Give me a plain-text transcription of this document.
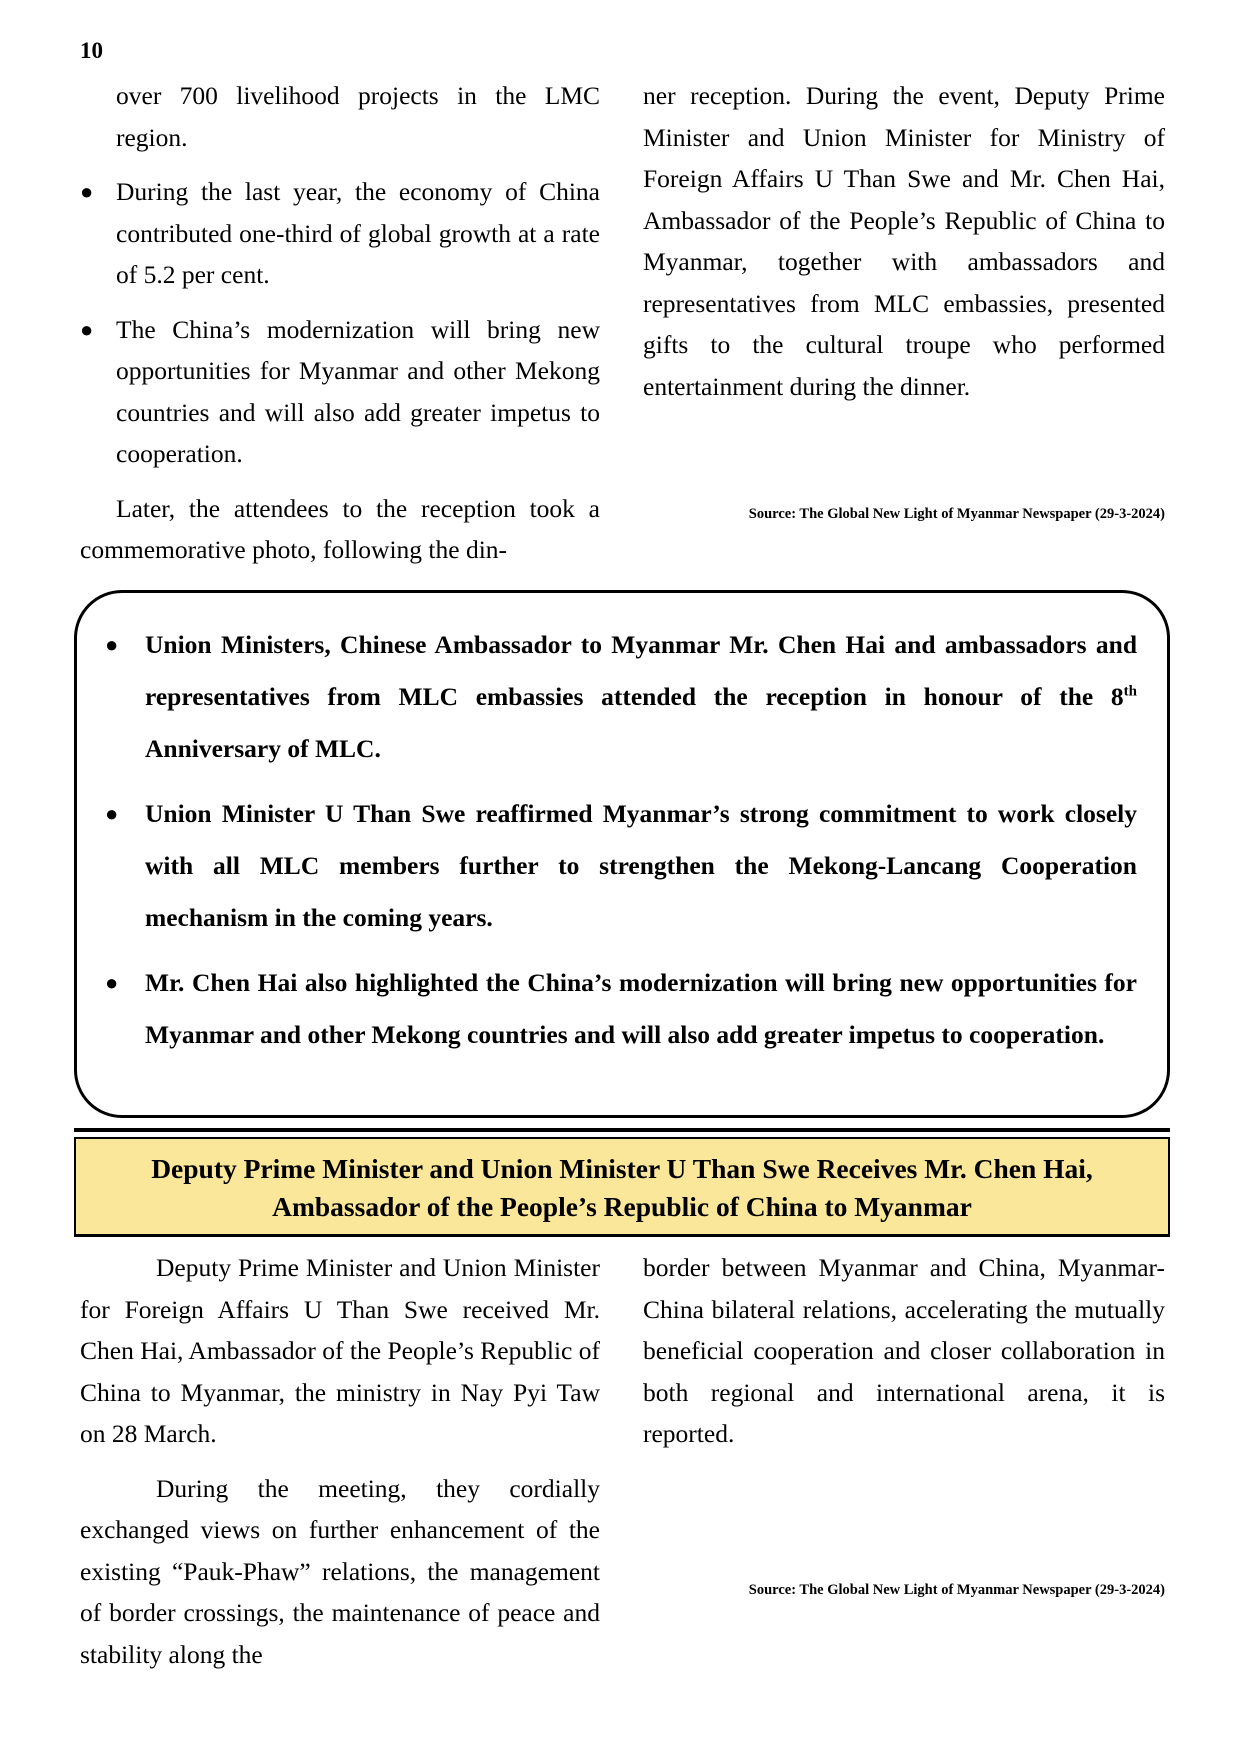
10

over 700 livelihood projects in the LMC region.

● During the last year, the economy of China contributed one-third of global growth at a rate of 5.2 per cent.
● The China’s modernization will bring new opportunities for Myanmar and other Mekong countries and will also add greater impetus to cooperation.

Later, the attendees to the reception took a commemorative photo, following the din-

ner reception. During the event, Deputy Prime Minister and Union Minister for Ministry of Foreign Affairs U Than Swe and Mr. Chen Hai, Ambassador of the People’s Republic of China to Myanmar, together with ambassadors and representatives from MLC embassies, presented gifts to the cultural troupe who performed entertainment during the dinner.

Source: The Global New Light of Myanmar Newspaper (29-3-2024)
●	Union Ministers, Chinese Ambassador to Myanmar Mr. Chen Hai and ambassadors and representatives from MLC embassies attended the reception in honour of the 8th Anniversary of MLC.
●	Union Minister U Than Swe reaffirmed Myanmar’s strong commitment to work closely with all MLC members further to strengthen the Mekong-Lancang Cooperation mechanism in the coming years.
●	Mr. Chen Hai also highlighted the China’s modernization will bring new opportunities for Myanmar and other Mekong countries and will also add greater impetus to cooperation.
Deputy Prime Minister and Union Minister U Than Swe Receives Mr. Chen Hai,
Ambassador of the People’s Republic of China to Myanmar

Deputy Prime Minister and Union Minister for Foreign Affairs U Than Swe received Mr. Chen Hai, Ambassador of the People’s Republic of China to Myanmar, the ministry in Nay Pyi Taw on 28 March.

During the meeting, they cordially exchanged views on further enhancement of the existing “Pauk-Phaw” relations, the management of border crossings, the maintenance of peace and stability along the

border between Myanmar and China, Myanmar-China bilateral relations, accelerating the mutually beneficial cooperation and closer collaboration in both regional and international arena, it is reported.

Source: The Global New Light of Myanmar Newspaper (29-3-2024)
